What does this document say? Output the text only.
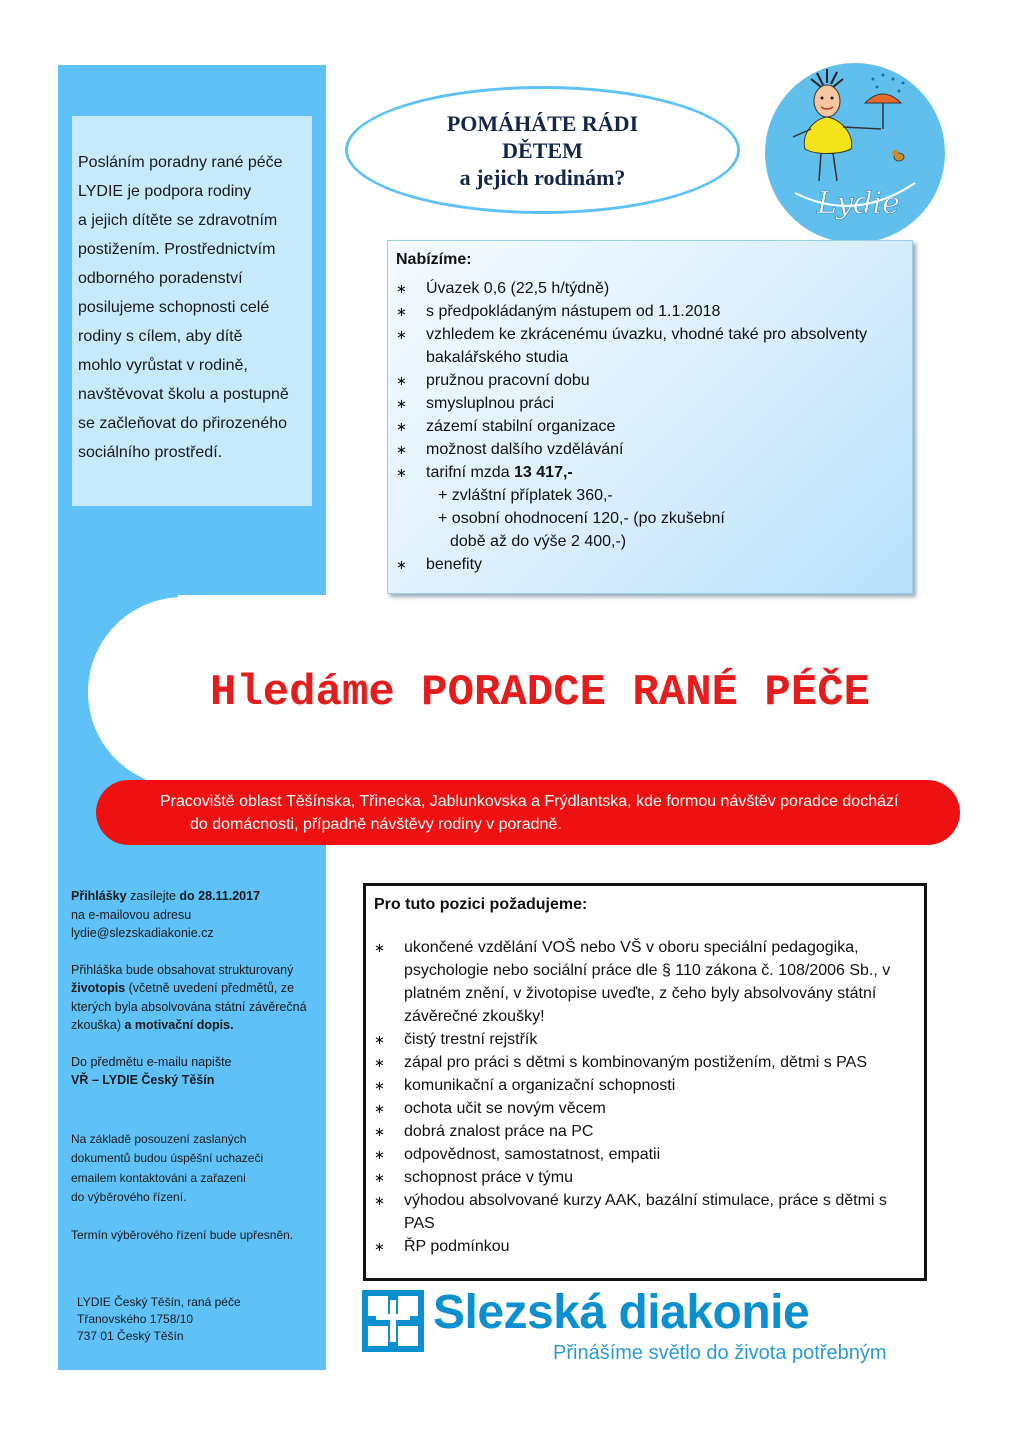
Posláním poradny rané péče

LYDIE je podpora rodiny

a jejich dítěte se zdravotním

postižením. Prostřednictvím

odborného poradenství

posilujeme schopnosti celé

rodiny s cílem, aby dítě

mohlo vyrůstat v rodině,

navštěvovat školu a postupně

se začleňovat do přirozeného

sociálního prostředí.

POMÁHÁTE RÁDI
DĚTEM
a jejich rodinám?
Lydie
Nabízíme:
∗ Úvazek 0,6 (22,5 h/týdně)
∗ s předpokládaným nástupem od 1.1.2018
∗ vzhledem ke zkrácenému úvazku, vhodné také pro absolventy
bakalářského studia
∗ pružnou pracovní dobu
∗ smysluplnou práci
∗ zázemí stabilní organizace
∗ možnost dalšího vzdělávání
∗ tarifní mzda 13 417,-
+ zvláštní příplatek 360,-
+ osobní ohodnocení 120,- (po zkušební
době až do výše 2 400,-)
∗ benefity
Hledáme PORADCE RANÉ PÉČE
Pracoviště oblast Těšínska, Třinecka, Jablunkovska a Frýdlantska, kde formou návštěv poradce dochází
do domácnosti, případně návštěvy rodiny v poradně.

Přihlášky zasílejte do 28.11.2017
na e-mailovou adresu
lydie@slezskadiakonie.cz

Přihláška bude obsahovat strukturovaný životopis (včetně uvedení předmětů, ze kterých byla absolvována státní závěrečná zkouška) a motivační dopis.

Do předmětu e-mailu napište
VŘ – LYDIE Český Těšín

Na základě posouzení zaslaných
dokumentů budou úspěšní uchazeči
emailem kontaktováni a zařazeni
do výběrového řízení.

Termín výběrového řízení bude upřesněn.

LYDIE Český Těšín, raná péče
Třanovského 1758/10
737 01 Český Těšín
Pro tuto pozici požadujeme:
∗ ukončené vzdělání VOŠ nebo VŠ v oboru speciální pedagogika, psychologie nebo sociální práce dle § 110 zákona č. 108/2006 Sb., v platném znění, v životopise uveďte, z čeho byly absolvovány státní závěrečné zkoušky!
∗ čistý trestní rejstřík
∗ zápal pro práci s dětmi s kombinovaným postižením, dětmi s PAS
∗ komunikační a organizační schopnosti
∗ ochota učit se novým věcem
∗ dobrá znalost práce na PC
∗ odpovědnost, samostatnost, empatii
∗ schopnost práce v týmu
∗ výhodou absolvované kurzy AAK, bazální stimulace, práce s dětmi s PAS
∗ ŘP podmínkou
Slezská diakonie
Přinášíme světlo do života potřebným
